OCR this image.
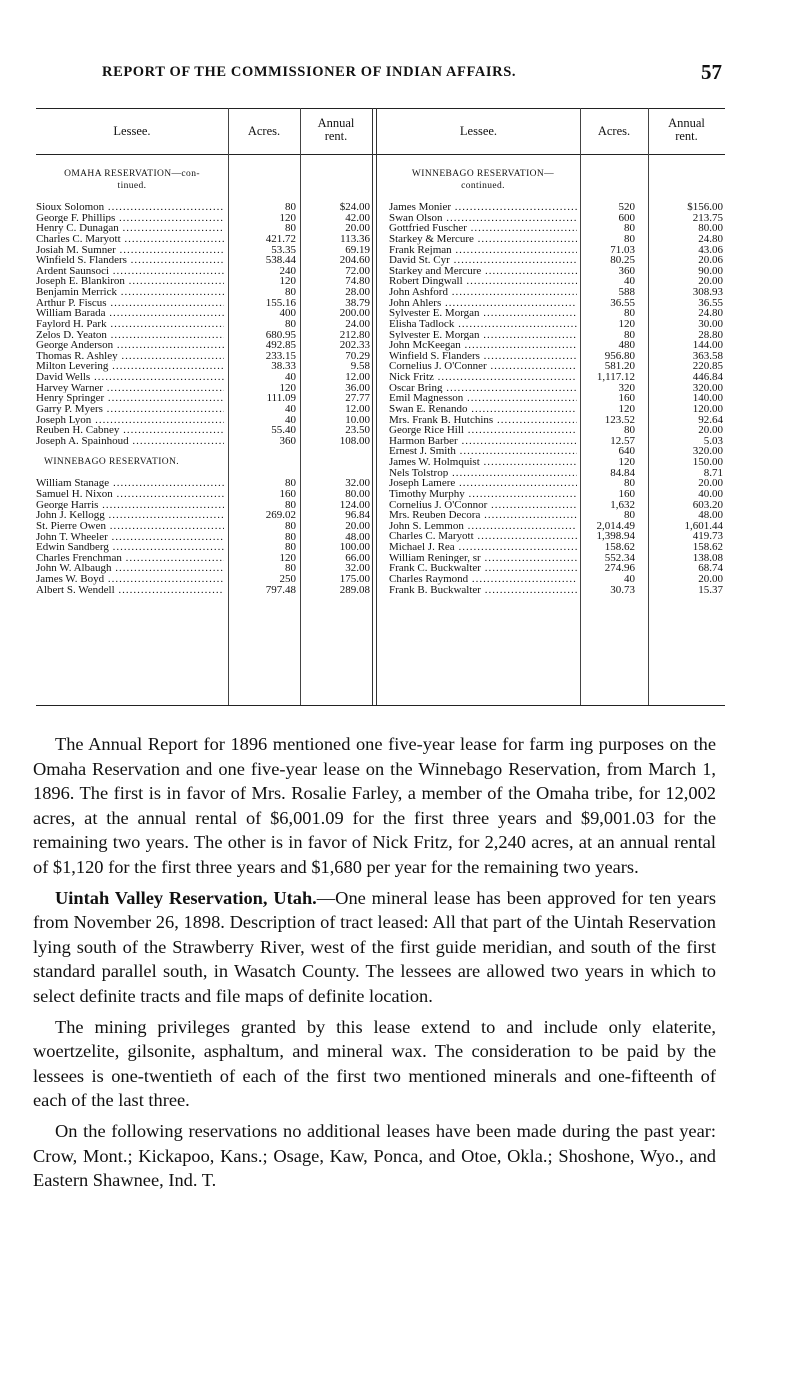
REPORT OF THE COMMISSIONER OF INDIAN AFFAIRS.	57
Lessee.	Acres.
Annual
rent.	Lessee.	Acres.
Annual
rent.
OMAHA RESERVATION—con-
tinued.
Sioux Solomon .....	80	$24.00
George F. Phillips .....	120	42.00
Henry C. Dunagan .....	80	20.00
Charles C. Maryott .....	421.72	113.36
Josiah M. Sumner .....	53.35	69.19
Winfield S. Flanders .....	538.44	204.60
Ardent Saunsoci .....	240	72.00
Joseph E. Blankiron .....	120	74.80
Benjamin Merrick .....	80	28.00
Arthur P. Fiscus .....	155.16	38.79
William Barada .....	400	200.00
Faylord H. Park .....	80	24.00
Zelos D. Yeaton .....	680.95	212.80
George Anderson .....	492.85	202.33
Thomas R. Ashley .....	233.15	70.29
Milton Levering .....	38.33	9.58
David Wells .....	40	12.00
Harvey Warner .....	120	36.00
Henry Springer .....	111.09	27.77
Garry P. Myers .....	40	12.00
Joseph Lyon .....	40	10.00
Reuben H. Cabney .....	55.40	23.50
Joseph A. Spainhoud .....	360	108.00
WINNEBAGO RESERVATION.
William Stanage .....	80	32.00
Samuel H. Nixon .....	160	80.00
George Harris .....	80	124.00
John J. Kellogg .....	269.02	96.84
St. Pierre Owen .....	80	20.00
John T. Wheeler .....	80	48.00
Edwin Sandberg .....	80	100.00
Charles Frenchman .....	120	66.00
John W. Albaugh .....	80	32.00
James W. Boyd .....	250	175.00
Albert S. Wendell .....	797.48	289.08
WINNEBAGO RESERVATION—
continued.
James Monier .....	520	$156.00
Swan Olson .....	600	213.75
Gottfried Fuscher .....	80	80.00
Starkey & Mercure .....	80	24.80
Frank Rejman .....	71.03	43.06
David St. Cyr .....	80.25	20.06
Starkey and Mercure .....	360	90.00
Robert Dingwall .....	40	20.00
John Ashford .....	588	308.93
John Ahlers .....	36.55	36.55
Sylvester E. Morgan .....	80	24.80
Elisha Tadlock .....	120	30.00
Sylvester E. Morgan .....	80	28.80
John McKeegan .....	480	144.00
Winfield S. Flanders .....	956.80	363.58
Cornelius J. O'Conner .....	581.20	220.85
Nick Fritz .....	1,117.12	446.84
Oscar Bring .....	320	320.00
Emil Magnesson .....	160	140.00
Swan E. Renando .....	120	120.00
Mrs. Frank B. Hutchins .....	123.52	92.64
George Rice Hill .....	80	20.00
Harmon Barber .....	12.57	5.03
Ernest J. Smith .....	640	320.00
James W. Holmquist .....	120	150.00
Nels Tolstrop .....	84.84	8.71
Joseph Lamere .....	80	20.00
Timothy Murphy .....	160	40.00
Cornelius J. O'Connor .....	1,632	603.20
Mrs. Reuben Decora .....	80	48.00
John S. Lemmon .....	2,014.49	1,601.44
Charles C. Maryott .....	1,398.94	419.73
Michael J. Rea .....	158.62	158.62
William Reninger, sr .....	552.34	138.08
Frank C. Buckwalter .....	274.96	68.74
Charles Raymond .....	40	20.00
Frank B. Buckwalter .....	30.73	15.37

The Annual Report for 1896 mentioned one five-year lease for farm ing purposes on the Omaha Reservation and one five-year lease on the Winnebago Reservation, from March 1, 1896. The first is in favor of Mrs. Rosalie Farley, a member of the Omaha tribe, for 12,002 acres, at the annual rental of $6,001.09 for the first three years and $9,001.03 for the remaining two years. The other is in favor of Nick Fritz, for 2,240 acres, at an annual rental of $1,120 for the first three years and $1,680 per year for the remaining two years.

Uintah Valley Reservation, Utah.—One mineral lease has been approved for ten years from November 26, 1898. Description of tract leased: All that part of the Uintah Reservation lying south of the Strawberry River, west of the first guide meridian, and south of the first standard parallel south, in Wasatch County. The lessees are allowed two years in which to select definite tracts and file maps of definite location.

The mining privileges granted by this lease extend to and include only elaterite, woertzelite, gilsonite, asphaltum, and mineral wax. The consideration to be paid by the lessees is one-twentieth of each of the first two mentioned minerals and one-fifteenth of each of the last three.

On the following reservations no additional leases have been made during the past year: Crow, Mont.; Kickapoo, Kans.; Osage, Kaw, Ponca, and Otoe, Okla.; Shoshone, Wyo., and Eastern Shawnee, Ind. T.
